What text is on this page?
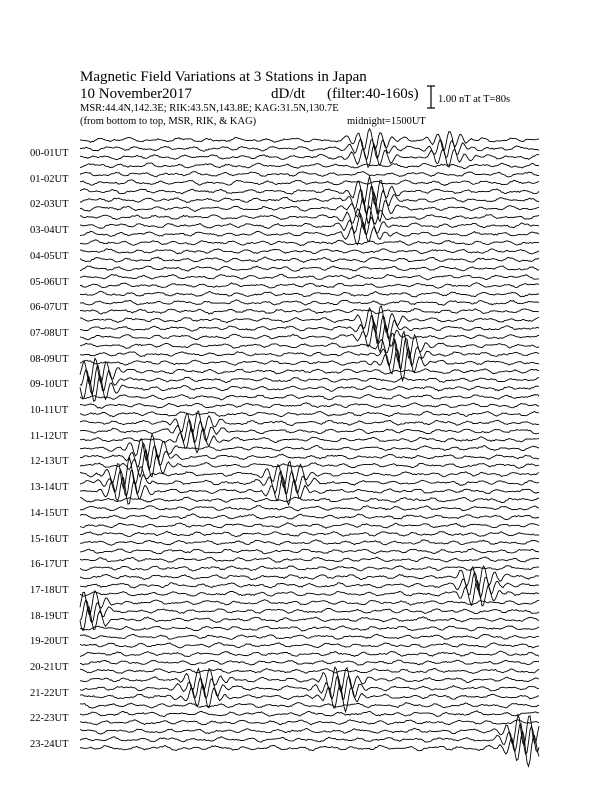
Magnetic Field Variations at 3 Stations in Japan
10 November2017	dD/dt (filter:40-160s)
MSR:44.4N,142.3E; RIK:43.5N,143.8E; KAG:31.5N,130.7E
(from bottom to top, MSR, RIK, & KAG)	midnight=1500UT
1.00 nT at T=80s
00-01UT
01-02UT
02-03UT
03-04UT
04-05UT
05-06UT
06-07UT
07-08UT
08-09UT
09-10UT
10-11UT
11-12UT
12-13UT
13-14UT
14-15UT
15-16UT
16-17UT
17-18UT
18-19UT
19-20UT
20-21UT
21-22UT
22-23UT
23-24UT
